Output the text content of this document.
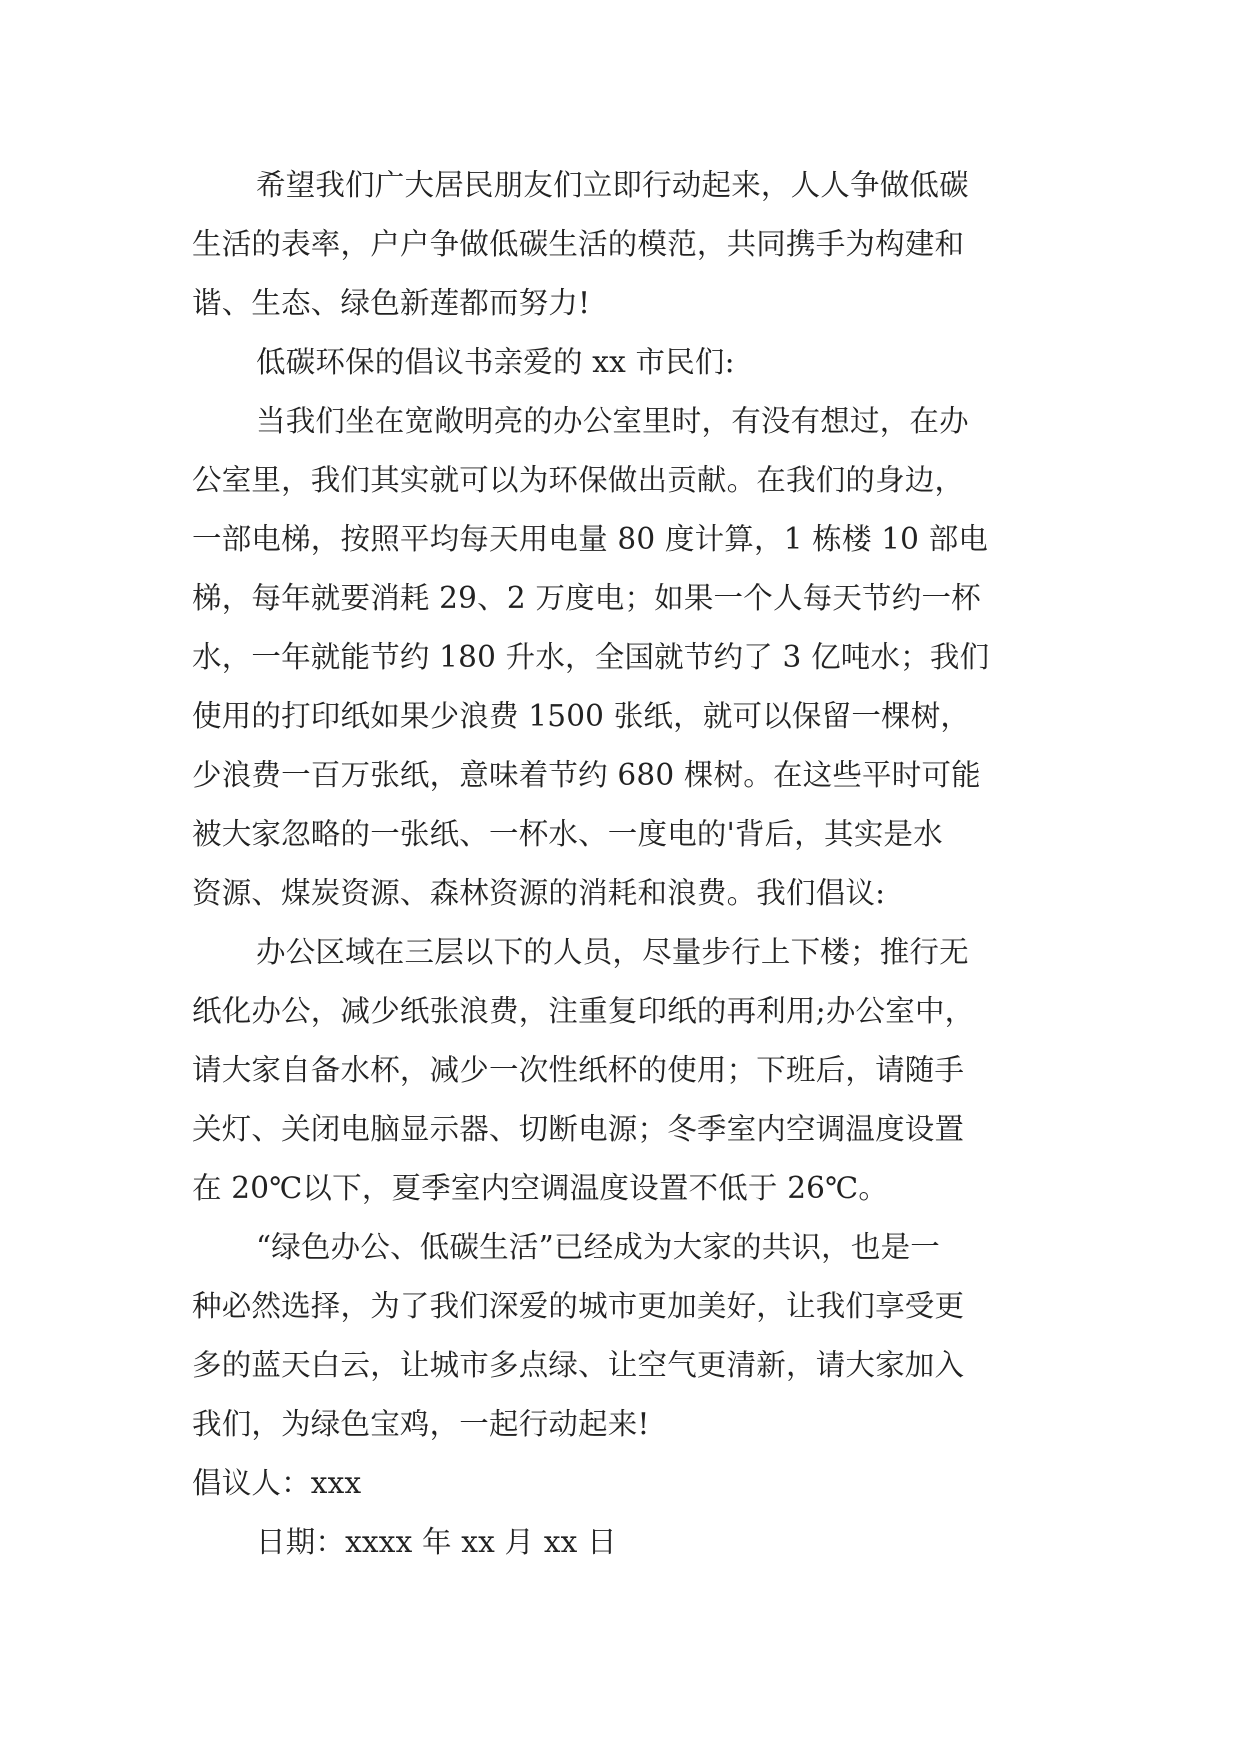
希望我们广大居民朋友们立即行动起来，人人争做低碳
生活的表率，户户争做低碳生活的模范，共同携手为构建和
谐、生态、绿色新莲都而努力!
低碳环保的倡议书亲爱的 xx 市民们:
当我们坐在宽敞明亮的办公室里时，有没有想过，在办
公室里，我们其实就可以为环保做出贡献。在我们的身边，
一部电梯，按照平均每天用电量 80 度计算，1 栋楼 10 部电
梯，每年就要消耗 29、2 万度电；如果一个人每天节约一杯
水，一年就能节约 180 升水，全国就节约了 3 亿吨水；我们
使用的打印纸如果少浪费 1500 张纸，就可以保留一棵树，
少浪费一百万张纸，意味着节约 680 棵树。在这些平时可能
被大家忽略的一张纸、一杯水、一度电的'背后，其实是水
资源、煤炭资源、森林资源的消耗和浪费。我们倡议:
办公区域在三层以下的人员，尽量步行上下楼；推行无
纸化办公，减少纸张浪费，注重复印纸的再利用;办公室中，
请大家自备水杯，减少一次性纸杯的使用；下班后，请随手
关灯、关闭电脑显示器、切断电源；冬季室内空调温度设置
在 20℃以下，夏季室内空调温度设置不低于 26℃。
“绿色办公、低碳生活”已经成为大家的共识，也是一
种必然选择，为了我们深爱的城市更加美好，让我们享受更
多的蓝天白云，让城市多点绿、让空气更清新，请大家加入
我们，为绿色宝鸡，一起行动起来!
倡议人：xxx
日期：xxxx 年 xx 月 xx 日
